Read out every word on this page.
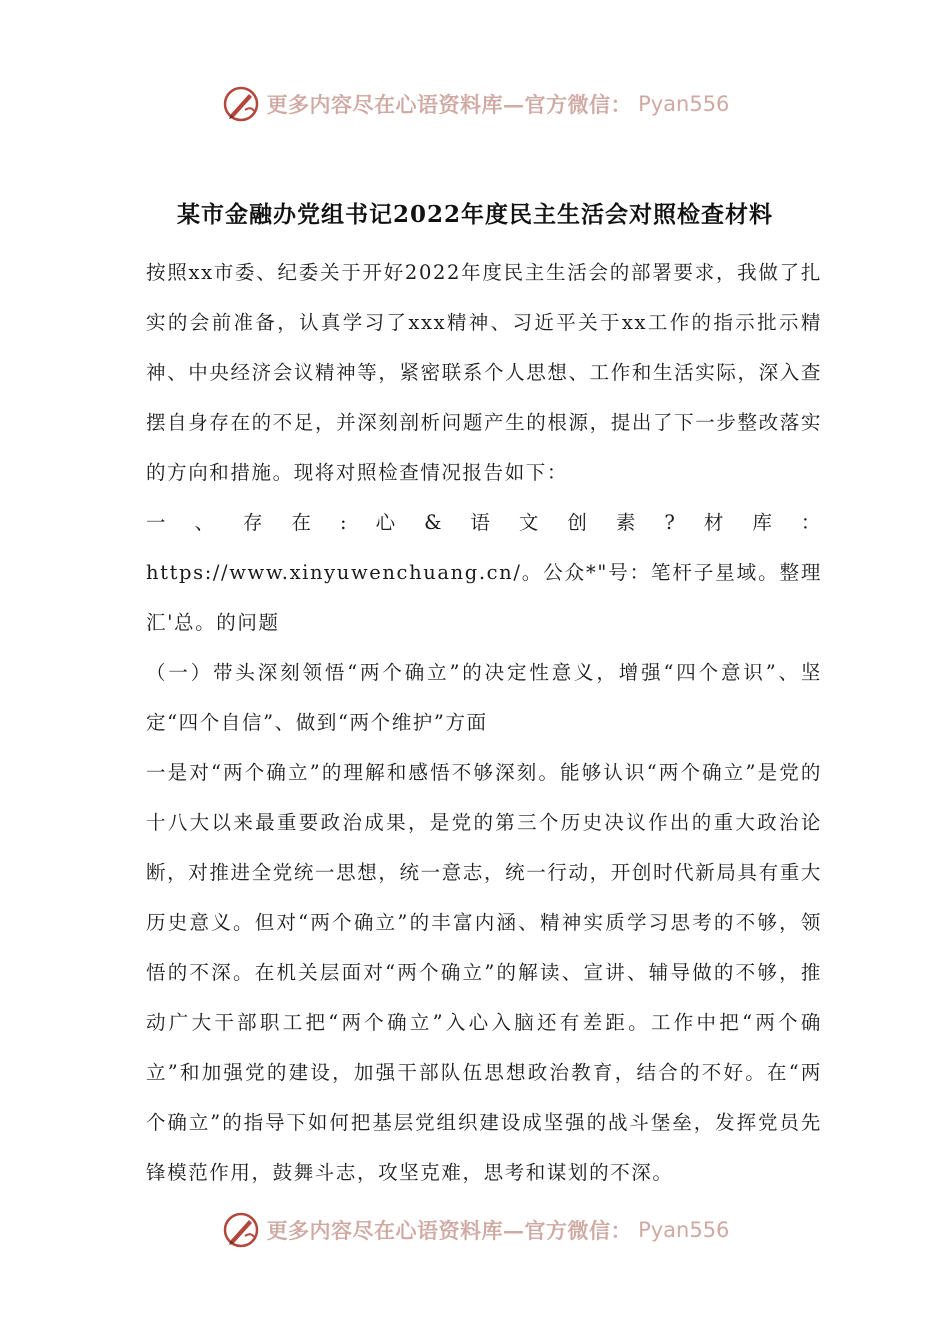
更多内容尽在心语资料库—官方微信： Pyan556
某市金融办党组书记2022年度民主生活会对照检查材料

按照xx市委、纪委关于开好2022年度民主生活会的部署要求，我做了扎实的会前准备，认真学习了xxx精神、习近平关于xx工作的指示批示精神、中央经济会议精神等，紧密联系个人思想、工作和生活实际，深入查摆自身存在的不足，并深刻剖析问题产生的根源，提出了下一步整改落实的方向和措施。现将对照检查情况报告如下：

一、存在:心&语文创素?材库：https://www.xinyuwenchuang.cn/。公众*"号：笔杆子星域。整理汇'总。的问题

（一）带头深刻领悟“两个确立”的决定性意义，增强“四个意识”、坚定“四个自信”、做到“两个维护”方面

一是对“两个确立”的理解和感悟不够深刻。能够认识“两个确立”是党的十八大以来最重要政治成果，是党的第三个历史决议作出的重大政治论断，对推进全党统一思想，统一意志，统一行动，开创时代新局具有重大历史意义。但对“两个确立”的丰富内涵、精神实质学习思考的不够，领悟的不深。在机关层面对“两个确立”的解读、宣讲、辅导做的不够，推动广大干部职工把“两个确立”入心入脑还有差距。工作中把“两个确立”和加强党的建设，加强干部队伍思想政治教育，结合的不好。在“两个确立”的指导下如何把基层党组织建设成坚强的战斗堡垒，发挥党员先锋模范作用，鼓舞斗志，攻坚克难，思考和谋划的不深。

更多内容尽在心语资料库—官方微信： Pyan556
